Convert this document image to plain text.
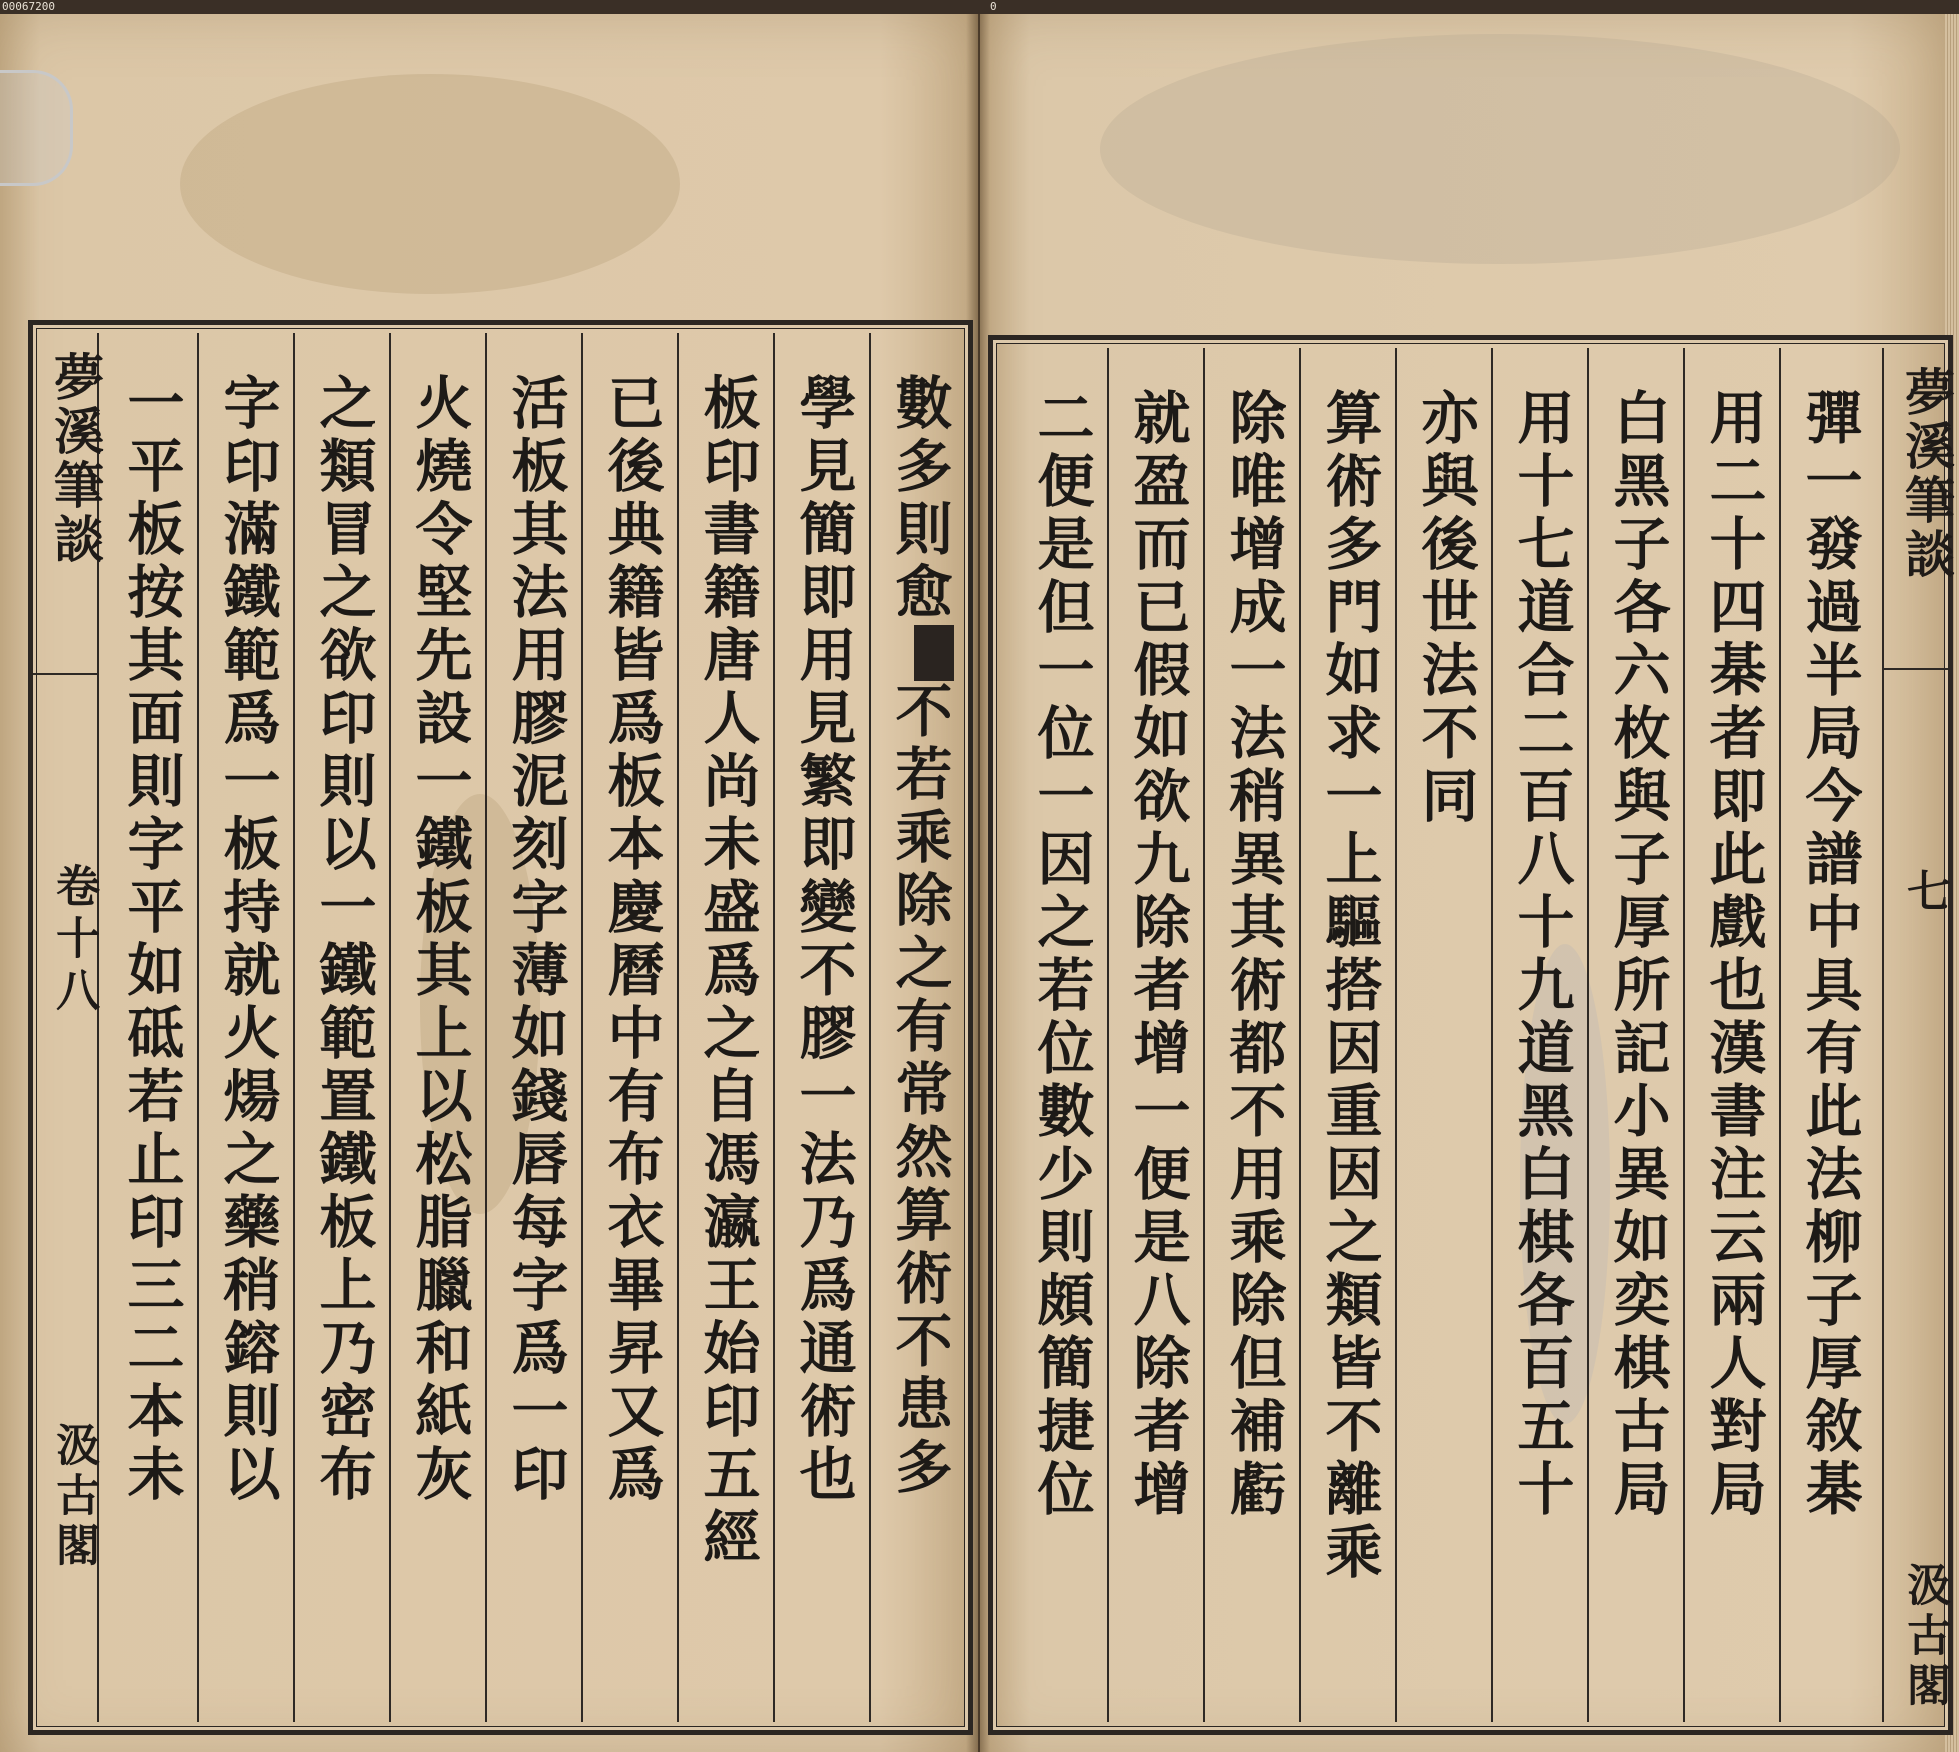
00067200	0
夢溪筆談
卷十八
汲古閣
數多則愈不若乘除之有常然算術不患多
學見簡即用見繁即變不膠一法乃爲通術也
板印書籍唐人尚未盛爲之自馮瀛王始印五經
已後典籍皆爲板本慶曆中有布衣畢昇又爲
活板其法用膠泥刻字薄如錢唇每字爲一印
火燒令堅先設一鐵板其上以松脂臘和紙灰
之類冒之欲印則以一鐵範置鐵板上乃密布
字印滿鐵範爲一板持就火煬之藥稍鎔則以
一平板按其面則字平如砥若止印三二本未	夢溪筆談
七
汲古閣
彈一發過半局今譜中具有此法柳子厚敘棊
用二十四棊者即此戲也漢書注云兩人對局
白黑子各六枚與子厚所記小異如奕棋古局
用十七道合二百八十九道黑白棋各百五十
亦與後世法不同
算術多門如求一上驅搭因重因之類皆不離乘
除唯增成一法稍異其術都不用乘除但補虧
就盈而已假如欲九除者增一便是八除者增
二便是但一位一因之若位數少則頗簡捷位
